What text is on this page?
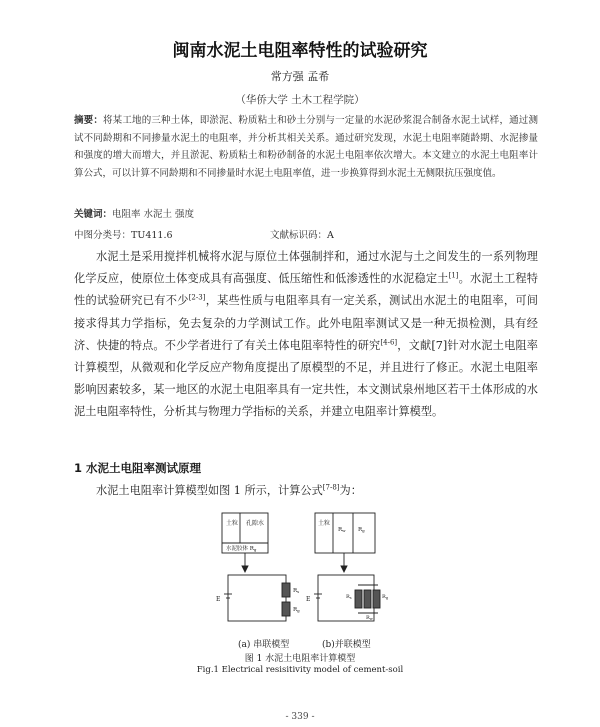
闽南水泥土电阻率特性的试验研究
常方强 孟希
（华侨大学 土木工程学院）
摘要：将某工地的三种土体，即淤泥、粉质粘土和砂土分别与一定量的水泥砂浆混合制备水泥土试样，通过测试不同龄期和不同掺量水泥土的电阻率，并分析其相关关系。通过研究发现，水泥土电阻率随龄期、水泥掺量和强度的增大而增大，并且淤泥、粉质粘土和粉砂制备的水泥土电阻率依次增大。本文建立的水泥土电阻率计算公式，可以计算不同龄期和不同掺量时水泥土电阻率值，进一步换算得到水泥土无侧限抗压强度值。
关键词：电阻率 水泥土 强度
中图分类号：TU411.6	文献标识码：A

水泥土是采用搅拌机械将水泥与原位土体强制拌和，通过水泥与土之间发生的一系列物理化学反应，使原位土体变成具有高强度、低压缩性和低渗透性的水泥稳定土[1]。水泥土工程特性的试验研究已有不少[2-3]，某些性质与电阻率具有一定关系，测试出水泥土的电阻率，可间接求得其力学指标，免去复杂的力学测试工作。此外电阻率测试又是一种无损检测，具有经济、快捷的特点。不少学者进行了有关土体电阻率特性的研究[4-6]，文献[7]针对水泥土电阻率计算模型，从微观和化学反应产物角度提出了原模型的不足，并且进行了修正。水泥土电阻率影响因素较多，某一地区的水泥土电阻率具有一定共性，本文测试泉州地区若干土体形成的水泥土电阻率特性，分析其与物理力学指标的关系，并建立电阻率计算模型。

1 水泥土电阻率测试原理
水泥土电阻率计算模型如图 1 所示，计算公式[7-8]为：
土粒 孔隙水
水泥胶体 Rg
E
Rs
Rg
土粒
Rw Rg
E	$R_s$	$R_g$
$R_w$
(a) 串联模型	(b)并联模型
图 1 水泥土电阻率计算模型
Fig.1 Electrical resisitivity model of cement-soil
- 339 -
